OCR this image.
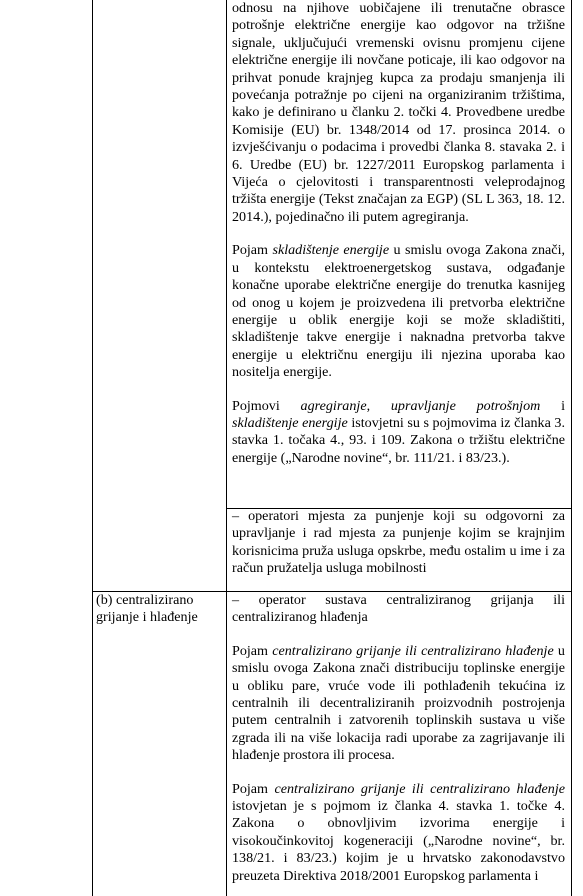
odnosu na njihove uobičajene ili trenutačne obrasce potrošnje električne energije kao odgovor na tržišne signale, uključujući vremenski ovisnu promjenu cijene električne energije ili novčane poticaje, ili kao odgovor na prihvat ponude krajnjeg kupca za prodaju smanjenja ili povećanja potražnje po cijeni na organiziranim tržištima, kako je definirano u članku 2. točki 4. Provedbene uredbe Komisije (EU) br. 1348/2014 od 17. prosinca 2014. o izvješćivanju o podacima i provedbi članka 8. stavaka 2. i 6. Uredbe (EU) br. 1227/2011 Europskog parlamenta i Vijeća o cjelovitosti i transparentnosti veleprodajnog tržišta energije (Tekst značajan za EGP) (SL L 363, 18. 12. 2014.), pojedinačno ili putem agregiranja.

Pojam skladištenje energije u smislu ovoga Zakona znači, u kontekstu elektroenergetskog sustava, odgađanje konačne uporabe električne energije do trenutka kasnijeg od onog u kojem je proizvedena ili pretvorba električne energije u oblik energije koji se može skladištiti, skladištenje takve energije i naknadna pretvorba takve energije u električnu energiju ili njezina uporaba kao nositelja energije.

Pojmovi agregiranje, upravljanje potrošnjom i skladištenje energije istovjetni su s pojmovima iz članka 3. stavka 1. točaka 4., 93. i 109. Zakona o tržištu električne energije („Narodne novine“, br. 111/21. i 83/23.).

– operatori mjesta za punjenje koji su odgovorni za upravljanje i rad mjesta za punjenje kojim se krajnjim korisnicima pruža usluga opskrbe, među ostalim u ime i za račun pružatelja usluga mobilnosti

(b) centralizirano grijanje i hlađenje

– operator sustava centraliziranog grijanja ili centraliziranog hlađenja

Pojam centralizirano grijanje ili centralizirano hlađenje u smislu ovoga Zakona znači distribuciju toplinske energije u obliku pare, vruće vode ili pothlađenih tekućina iz centralnih ili decentraliziranih proizvodnih postrojenja putem centralnih i zatvorenih toplinskih sustava u više zgrada ili na više lokacija radi uporabe za zagrijavanje ili hlađenje prostora ili procesa.

Pojam centralizirano grijanje ili centralizirano hlađenje istovjetan je s pojmom iz članka 4. stavka 1. točke 4. Zakona o obnovljivim izvorima energije i visokoučinkovitoj kogeneraciji („Narodne novine“, br. 138/21. i 83/23.) kojim je u hrvatsko zakonodavstvo preuzeta Direktiva 2018/2001 Europskog parlamenta i
